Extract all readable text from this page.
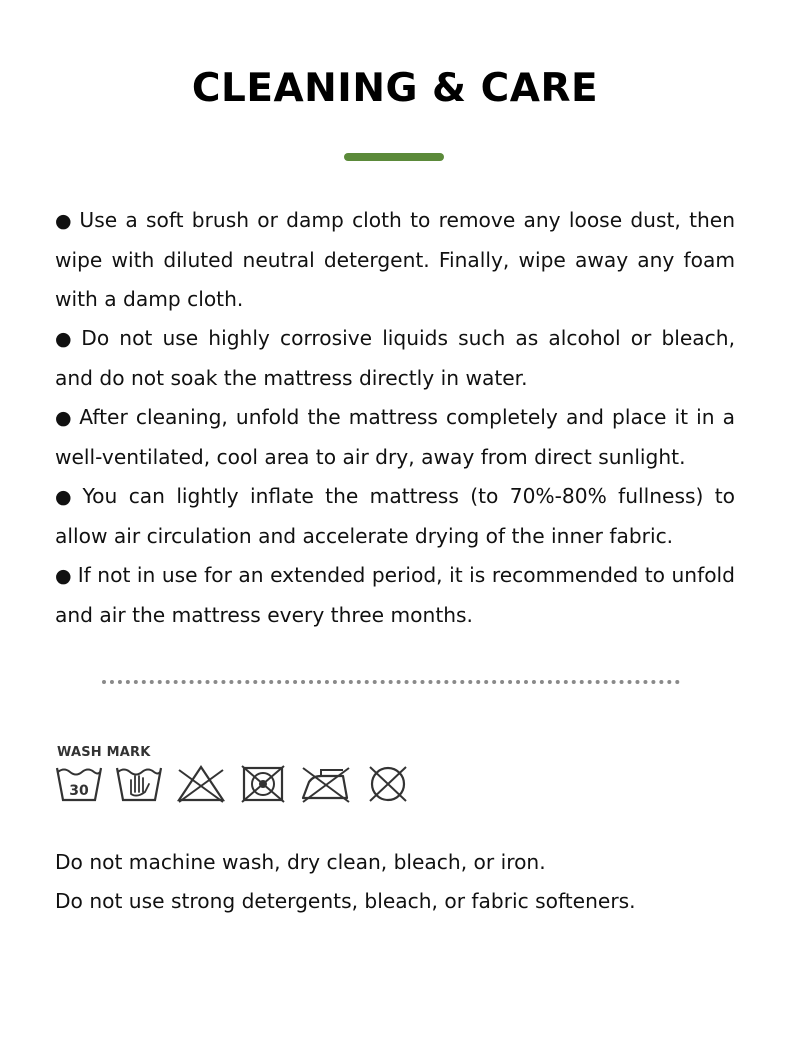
CLEANING & CARE
● Use a soft brush or damp cloth to remove any loose dust, then wipe with diluted neutral detergent. Finally, wipe away any foam with a damp cloth.
● Do not use highly corrosive liquids such as alcohol or bleach, and do not soak the mattress directly in water.
● After cleaning, unfold the mattress completely and place it in a well-ventilated, cool area to air dry, away from direct sunlight.
● You can lightly inflate the mattress (to 70%-80% fullness) to allow air circulation and accelerate drying of the inner fabric.
● If not in use for an extended period, it is recommended to unfold and air the mattress every three months.
WASH MARK
30
Do not machine wash, dry clean, bleach, or iron.
Do not use strong detergents, bleach, or fabric softeners.
